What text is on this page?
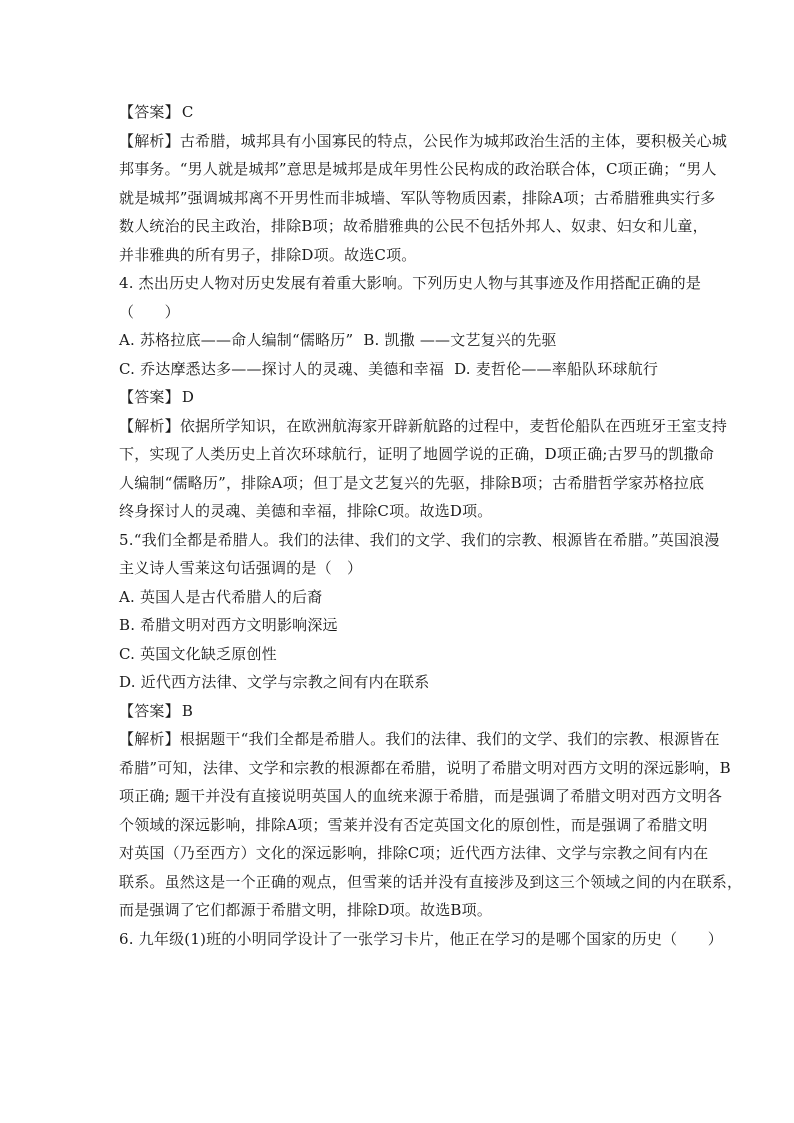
【答案】 C
【解析】古希腊，城邦具有小国寡民的特点，公民作为城邦政治生活的主体，要积极关心城
邦事务。“男人就是城邦”意思是城邦是成年男性公民构成的政治联合体，C项正确；“男人
就是城邦”强调城邦离不开男性而非城墙、军队等物质因素，排除A项；古希腊雅典实行多
数人统治的民主政治，排除B项；故希腊雅典的公民不包括外邦人、奴隶、妇女和儿童，
并非雅典的所有男子，排除D项。故选C项。
4. 杰出历史人物对历史发展有着重大影响。下列历史人物与其事迹及作用搭配正确的是
（　　）
A. 苏格拉底——命人编制“儒略历” B. 凯撒 ——文艺复兴的先驱
C. 乔达摩悉达多——探讨人的灵魂、美德和幸福 D. 麦哲伦——率船队环球航行
【答案】 D
【解析】依据所学知识，在欧洲航海家开辟新航路的过程中，麦哲伦船队在西班牙王室支持
下，实现了人类历史上首次环球航行，证明了地圆学说的正确，D项正确;古罗马的凯撒命
人编制“儒略历”，排除A项；但丁是文艺复兴的先驱，排除B项；古希腊哲学家苏格拉底
终身探讨人的灵魂、美德和幸福，排除C项。故选D项。
5.“我们全都是希腊人。我们的法律、我们的文学、我们的宗教、根源皆在希腊。”英国浪漫
主义诗人雪莱这句话强调的是（　）
A. 英国人是古代希腊人的后裔
B. 希腊文明对西方文明影响深远
C. 英国文化缺乏原创性
D. 近代西方法律、文学与宗教之间有内在联系
【答案】 B
【解析】根据题干“我们全都是希腊人。我们的法律、我们的文学、我们的宗教、根源皆在
希腊”可知，法律、文学和宗教的根源都在希腊，说明了希腊文明对西方文明的深远影响，B
项正确; 题干并没有直接说明英国人的血统来源于希腊，而是强调了希腊文明对西方文明各
个领域的深远影响，排除A项；雪莱并没有否定英国文化的原创性，而是强调了希腊文明
对英国（乃至西方）文化的深远影响，排除C项；近代西方法律、文学与宗教之间有内在
联系。虽然这是一个正确的观点，但雪莱的话并没有直接涉及到这三个领域之间的内在联系，
而是强调了它们都源于希腊文明，排除D项。故选B项。
6. 九年级(1)班的小明同学设计了一张学习卡片，他正在学习的是哪个国家的历史（　　）
